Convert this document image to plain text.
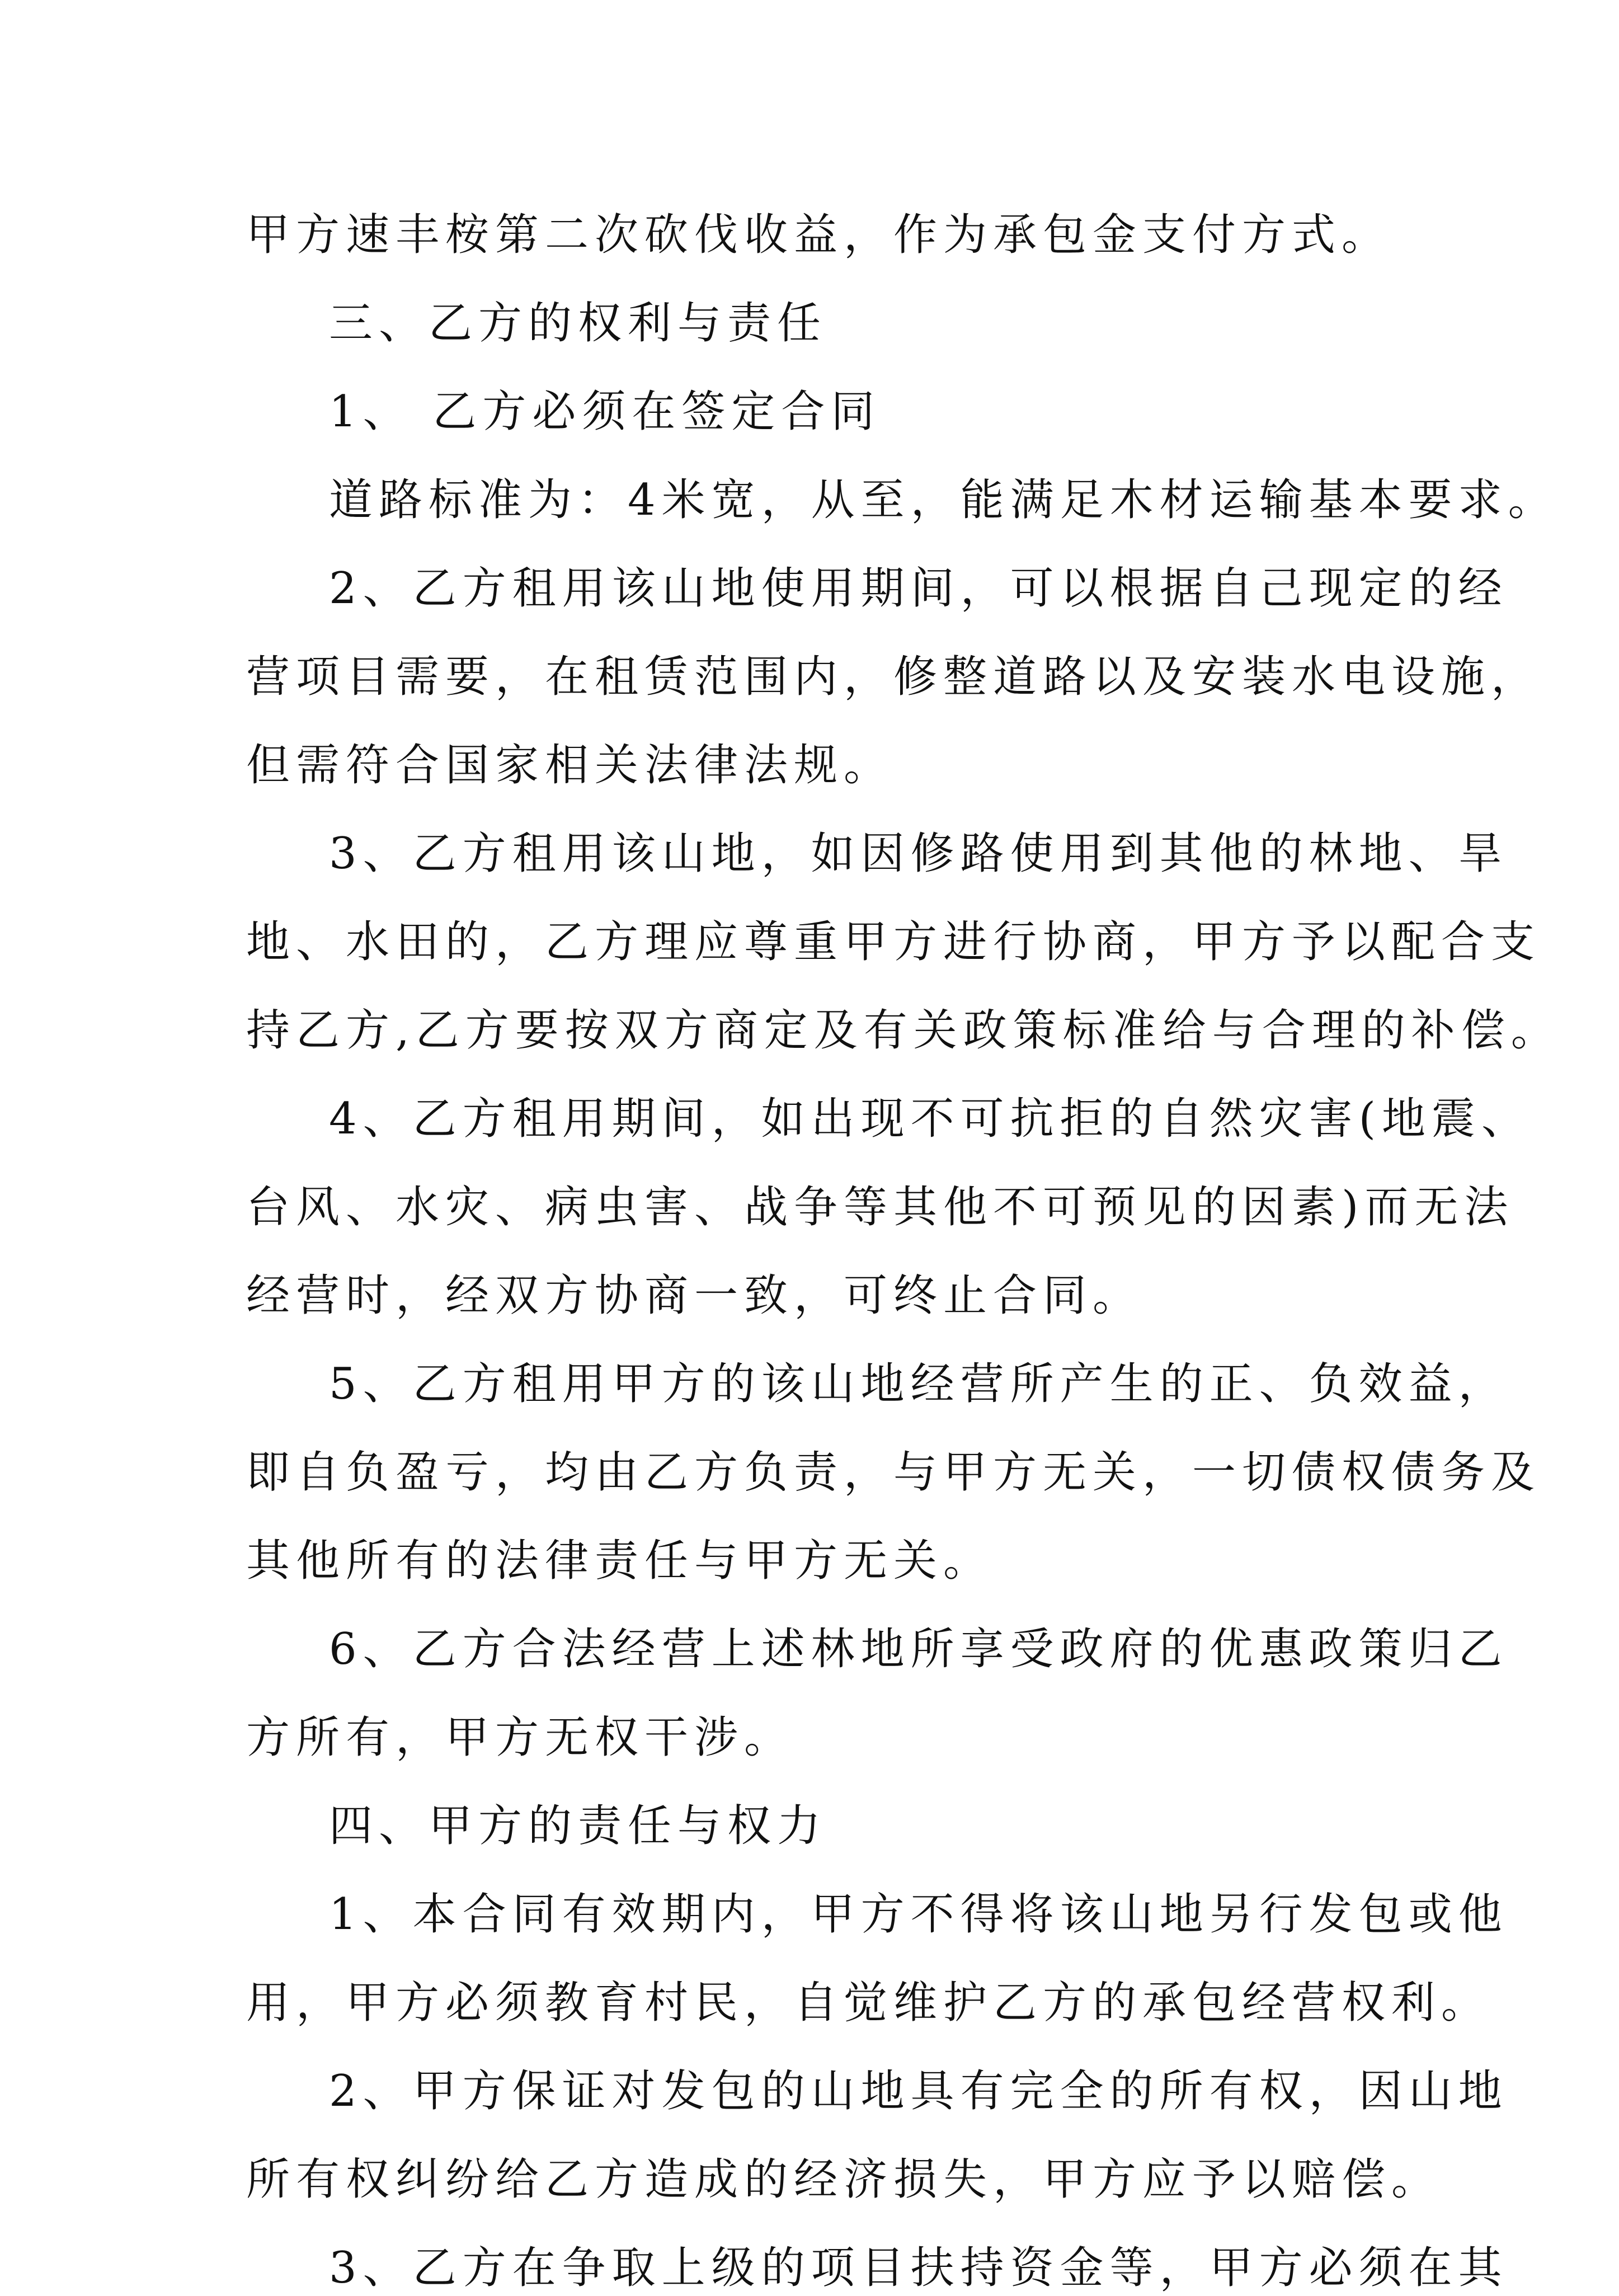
甲方速丰桉第二次砍伐收益，作为承包金支付方式。
三、乙方的权利与责任
1、 乙方必须在签定合同
道路标准为：4米宽，从至，能满足木材运输基本要求。
2、乙方租用该山地使用期间，可以根据自己现定的经
营项目需要，在租赁范围内，修整道路以及安装水电设施，
但需符合国家相关法律法规。
3、乙方租用该山地，如因修路使用到其他的林地、旱
地、水田的，乙方理应尊重甲方进行协商，甲方予以配合支
持乙方,乙方要按双方商定及有关政策标准给与合理的补偿。
4、乙方租用期间，如出现不可抗拒的自然灾害(地震、
台风、水灾、病虫害、战争等其他不可预见的因素)而无法
经营时，经双方协商一致，可终止合同。
5、乙方租用甲方的该山地经营所产生的正、负效益，
即自负盈亏，均由乙方负责，与甲方无关，一切债权债务及
其他所有的法律责任与甲方无关。
6、乙方合法经营上述林地所享受政府的优惠政策归乙
方所有，甲方无权干涉。
四、甲方的责任与权力
1、本合同有效期内，甲方不得将该山地另行发包或他
用，甲方必须教育村民，自觉维护乙方的承包经营权利。
2、甲方保证对发包的山地具有完全的所有权，因山地
所有权纠纷给乙方造成的经济损失，甲方应予以赔偿。
3、乙方在争取上级的项目扶持资金等，甲方必须在其
